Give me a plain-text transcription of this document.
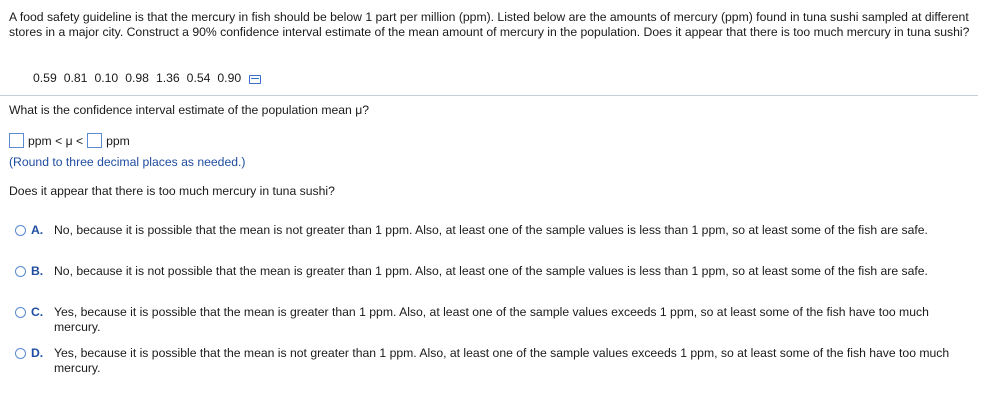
A food safety guideline is that the mercury in fish should be below 1 part per million (ppm). Listed below are the amounts of mercury (ppm) found in tuna sushi sampled at different stores in a major city. Construct a 90% confidence interval estimate of the mean amount of mercury in the population. Does it appear that there is too much mercury in tuna sushi?
0.59 0.81 0.10 0.98 1.36 0.54 0.90
What is the confidence interval estimate of the population mean μ?
ppm < μ < ppm
(Round to three decimal places as needed.)
Does it appear that there is too much mercury in tuna sushi?
A. No, because it is possible that the mean is not greater than 1 ppm. Also, at least one of the sample values is less than 1 ppm, so at least some of the fish are safe.
B. No, because it is not possible that the mean is greater than 1 ppm. Also, at least one of the sample values is less than 1 ppm, so at least some of the fish are safe.
C. Yes, because it is possible that the mean is greater than 1 ppm. Also, at least one of the sample values exceeds 1 ppm, so at least some of the fish have too much mercury.
D. Yes, because it is possible that the mean is not greater than 1 ppm. Also, at least one of the sample values exceeds 1 ppm, so at least some of the fish have too much mercury.
